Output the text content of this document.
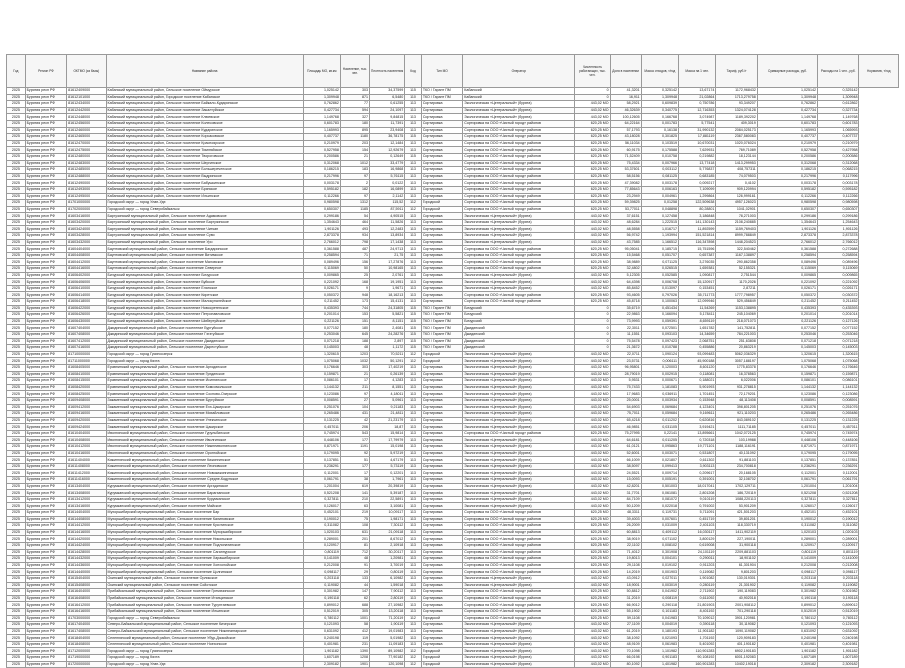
Год	Регион РФ	ОКТМО (из базы)	Название района	Площадь МО, кв.км	Население, тыс. чел.	Плотность населения	Код	Тип МО	Оператор	Численность работающих, тыс. чел.	Доля в населении	Масса отходов, т/год	Масса на 1 чел.	Тариф, руб./т	Суммарные расходы, руб.	Расходы на 1 чел., руб.	Норматив, т/год
2025	Бурятия респ РФ	81612409000	Кабанский муниципальный район, Сельское поселение Оймурское	1,025142	303	34,37599	115	ТКО / Гарант ПМ	Кабанский	0	41,3201	0,325142	13,67174	1172,968432	1,025142	0,325142	
2025	Бурятия респ РФ	81612101000	Кабанский муниципальный район, Городское поселение Кабанское	1,309948	871	6,5480	110	ТКО / Гарант ПМ	Кабанский	0	16,911	1,309948	21,02864	1713,279758	1,309948	1,309948	
2025	Бурятия респ РФ	81612434000	Кабанский муниципальный район, Сельское поселение Байкало-Кударинское	0,762862	77	0,61255	113	Сортировка	Экологическая «Центральный» (бурята)	443,02 МО	58,2921	0,609839	0,750786	93,349207	0,762862	0,612862	
2025	Бурятия респ РФ	81612442000	Кабанский муниципальный район, Сельское поселение Закалтуйское	0,427734	594	24,1097	113	Сортировка	Экологическая «Центральный» (бурята)	443,02 МО	46,32639	0,340775	12,716353	1324,074128	0,427734	0,327734	
2025	Бурятия респ РФ	81612448000	Кабанский муниципальный район, Сельское поселение Клюевское	1,149768	327	9,84815	113	Сортировка	Экологическая «Центральный» (бурята)	443,02 МО	100,12605	0,166768	3,074987	1189,392202	1,149768	1,149768	
2025	Бурятия респ РФ	81612456000	Кабанский муниципальный район, Сельское поселение Колесовское	0,601783	180	11,7391	113	Сортировка	Сортировка на ООО «Чистый город» районов	620,25 МО	64,22164	0,001783	5,77541	409,3019	0,601783	0,601783	
2025	Бурятия респ РФ	81612460000	Кабанский муниципальный район, Сельское поселение Кударинское	1,165993	895	23,9408	113	Сортировка	Сортировка на ООО «Чистый город» районов	620,25 МО	57,1793	0,16138	31,990132	2084,025173	1,165993	1,065993	
2025	Бурятия респ РФ	81612465000	Кабанский муниципальный район, Сельское поселение Корсаковское	0,407737	1180	36,78175	115	Сортировка	Сортировка на ООО «Чистый город» районов	620,25 МО	43,18028	0,301825	17,881119	2367,580083	0,407737	0,407737	
2025	Бурятия респ РФ	81612470000	Кабанский муниципальный район, Сельское поселение Красноярское	0,210979	203	12,1484	113	Сортировка	Сортировка на ООО «Чистый город» районов	620,25 МО	56,11034	0,103519	10,670031	1020,076024	0,210979	0,210979	
2025	Бурятия респ РФ	81612475000	Кабанский муниципальный район, Сельское поселение Тимлюйское	0,527958	154	12,92679	113	Сортировка	Сортировка на ООО «Чистый город» районов	620,25 МО	60,9175	0,175588	7,629931	769,71089	0,527958	0,427958	
2025	Бурятия респ РФ	81612480000	Кабанский муниципальный район, Сельское поселение Твороговское	0,200586	21	0,12649	115	Сортировка	Сортировка на ООО «Чистый город» районов	620,25 МО	71,52409	0,010758	0,219882	18,123144	0,200586	0,200586	
2025	Бурятия респ РФ	81612483000	Кабанский муниципальный район, Сельское поселение Шергинское	0,312068	1012	33,4779	113	Сортировка	Сортировка на ООО «Чистый город» районов	620,25 МО	75,4334	0,007966	13,77418	1413,299953	0,312068	0,312068	
2025	Бурятия респ РФ	81612485000	Кабанский муниципальный район, Сельское поселение Большереченское	0,186215	183	16,9868	113	Сортировка	Сортировка на ООО «Чистый город» районов	620,25 МО	53,37601	0,003112	5,776837	408,757311	0,186215	0,068215	
2025	Бурятия респ РФ	81612488000	Кабанский муниципальный район, Сельское поселение Выдринское	0,217996	97	5,76115	113	Сортировка	Сортировка на ООО «Чистый город» районов	620,25 МО	58,5156	0,081125	0,683185	74,079503	0,217996	0,117996	
2025	Бурятия респ РФ	81612490000	Кабанский муниципальный район, Сельское поселение Бабушкинское	0,003178	2	0,0122	113	Сортировка	Сортировка на ООО «Чистый город» районов	620,25 МО	47,39082	0,003178	0,009217	0,4102	0,003178	0,003178	
2025	Бурятия респ РФ	81612493000	Кабанский муниципальный район, Сельское поселение Брянское	0,595182	182	16,0899	113	Сортировка	Сортировка на ООО «Чистый город» районов	620,25 МО	77,85643	0,006163	7,109099	909,120994	0,595182	0,595182	
2025	Бурятия респ РФ	81612495000	Кабанский муниципальный район, Сельское поселение Ильинское	0,112266	97	2,1142	113	Сортировка	Сортировка на ООО «Чистый город» районов	620,25 МО	23,2949	0,004961	1,299864	126,999161	0,112266	0,112266	
2025	Бурятия респ РФ	81701000000	Городской округ — город Улан-Удэ	0,980598	1312	115,52	112	Городской	Сортировка на ООО «Чистый город» районов	620,25 МО	59,39825	0,01258	122,509638	4957,126023	0,980598	0,980598	
2025	Бурятия респ РФ	81702000000	Городской округ — город Северобайкальск	0,650307	1185	87,5911	112	Городской	Сортировка на ООО «Чистый город» районов	620,25 МО	53,77011	0,048898	80,28801	1041,02901	0,650307	0,650307	
2025	Бурятия респ РФ	81603416000	Баргузинский муниципальный район, Сельское поселение Адамовское	0,299186	54	4,90515	113	Сортировка	Экологическая «Центральный» (бурята)	443,02 МО	37,6151	0,127458	3,186848	78,271003	0,299186	0,299186	
2025	Бурятия респ РФ	81603420000	Баргузинский муниципальный район, Сельское поселение Баргузинское	1,354643	464	11,5826	113	Сортировка	Экологическая «Центральный» (бурята)	443,02 МО	48,6284	1,222515	141,130143	2108,240885	1,354643	1,254643	
2025	Бурятия респ РФ	81603424000	Баргузинский муниципальный район, Сельское поселение Читкан	1,901126	493	12,2483	113	Сортировка	Экологическая «Центральный» (бурята)	443,02 МО	48,5558	1,016717	11,892599	1159,769403	1,901126	1,901126	
2025	Бурятия респ РФ	81603428000	Баргузинский муниципальный район, Сельское поселение Суво	2,873378	934	13,8934	113	Сортировка	Экологическая «Центральный» (бурята)	443,02 МО	56,9742	1,193994	151,521814	8999,788849	2,873378	2,873378	
2025	Бурятия респ РФ	81603432000	Баргузинский муниципальный район, Сельское поселение Уро	2,766012	798	17,1438	113	Сортировка	Экологическая «Центральный» (бурята)	443,02 МО	43,7585	1,166512	116,347898	1448,204523	2,766012	2,766012	
2025	Бурятия респ РФ	81604404000	Баунтовский муниципальный район, Сельское поселение Багдаринское	0,361588	487	24,9713	113	Сортировка	Сортировка на ООО «Чистый город» районов	620,25 МО	95,05041	0,185715	15,751596	322,540462	0,361588	0,272688	
2025	Бурятия респ РФ	81604408000	Баунтовский муниципальный район, Сельское поселение Витимское	0,258594	71	21,75	113	Сортировка	Сортировка на ООО «Чистый город» районов	620,25 МО	15,5468	0,051707	0,657387	1167,138897	0,258594	0,258594	
2025	Бурятия респ РФ	81604412000	Баунтовский муниципальный район, Сельское поселение Маловское	0,089496	156	17,27876	113	Сортировка	Сортировка на ООО «Чистый город» районов	620,25 МО	38,9889	0,071125	3,276035	290,862358	0,089496	0,089496	
2025	Бурятия респ РФ	81604416000	Баунтовский муниципальный район, Сельское поселение Северное	0,115069	50	10,98165	113	Сортировка	Сортировка на ООО «Чистый город» районов	620,25 МО	32,4802	0,026515	1,659381	52,155321	0,115069	0,115069	
2025	Бурятия респ РФ	81606402000	Бичурский муниципальный район, Сельское поселение Бичурское	0,009865	25	2,0761	113	Сортировка	Экологическая «Центральный» (бурята)	443,02 МО	5,12305	0,052585	1,090817	2,751544	0,009865	0,009865	
2025	Бурятия респ РФ	81606406000	Бичурский муниципальный район, Сельское поселение Буйское	0,221092	168	19,1951	113	Сортировка	Экологическая «Центральный» (бурята)	443,02 МО	64,4398	0,006708	15,120917	1170,2026	0,221092	0,221092	
2025	Бурятия респ РФ	81606410000	Бичурский муниципальный район, Сельское поселение Еланское	0,026171	9	1,9671	113	Сортировка	Экологическая «Центральный» (бурята)	443,02 МО	85,8452	0,013097	0,153451	2,87211	0,026171	0,026171	
2025	Бурятия респ РФ	81606414000	Бичурский муниципальный район, Сельское поселение Киретское	0,050372	948	18,16213	113	Сортировка	Сортировка на ООО «Чистый город» районов	620,25 МО	93,4605	0,797026	35,711773	1777,798957	0,050372	0,030372	
2025	Бурятия респ РФ	81606418000	Бичурский муниципальный район, Сельское поселение Малокуналейское	0,211452	173	15,4131	113	Сортировка	Сортировка на ООО «Чистый город» районов	620,25 МО	45,8718	0,100063	12,099946	529,456849	0,211452	0,211452	
2025	Бурятия респ РФ	81606422000	Бичурский муниципальный район, Сельское поселение Новосретенское	0,435393	744	24,31805	115	ТКО / Гарант ПМ	Бичурский	0	35,6719	0,451434	11,54269	1153,138895	0,435393	0,435393	
2025	Бурятия респ РФ	81606426000	Бичурский муниципальный район, Сельское поселение Петропавловское	0,201014	153	5,5821	115	ТКО / Гарант ПМ	Бичурский	0	22,9863	0,166094	5,178411	245,104069	0,201014	0,201014	
2025	Бурятия респ РФ	81606430000	Бичурский муниципальный район, Сельское поселение Шибертуйское	0,221126	151	8,1151	115	ТКО / Гарант ПМ	Бичурский	0	73,9993	0,059391	8,659119	218,071073	0,221126	0,127126	
2025	Бурятия респ РФ	81607404000	Джидинский муниципальный район, Сельское поселение Бургуйское	0,077152	180	2,4081	115	ТКО / Гарант ПМ	Джидинский	0	22,3011	0,072501	1,651782	141,752811	0,077152	0,077152	
2025	Бурятия респ РФ	81607408000	Джидинский муниципальный район, Сельское поселение Гэгэтуйское	0,253046	645	24,28276	115	ТКО / Гарант ПМ	Джидинский	0	11,1551	0,093103	14,34659	784,221003	0,253046	0,253046	
2025	Бурятия респ РФ	81607412000	Джидинский муниципальный район, Сельское поселение Джидинское	0,071218	188	2,897	115	ТКО / Гарант ПМ	Джидинский	0	75,5478	0,097423	2,068751	251,63808	0,071218	0,071218	
2025	Бурятия респ РФ	81607416000	Джидинский муниципальный район, Сельское поселение Дырестуйское	0,145003	48	1,1172	115	ТКО / Гарант ПМ	Джидинский	0	21,3672	0,010788	0,455886	20,863219	0,145003	0,145003	
2025	Бурятия респ РФ	81710000000	Городской округ — город Гусиноозерск	1,320615	1203	70,5211	112	Городской	Экологическая «Центральный» (бурята)	443,02 МО	22,0711	1,090124	93,099483	5062,036329	1,320615	1,320615	
2025	Бурятия респ РФ	81711000000	Городской округ — город Кяхта	1,075068	1032	50,1291	112	Городской	Экологическая «Центральный» (бурята)	443,02 МО	23,5731	0,006111	45,900188	3057,188197	1,075068	1,075068	
2025	Бурятия респ РФ	81608405000	Еравнинский муниципальный район, Сельское поселение Аргодинское	0,176646	303	17,40219	113	Сортировка	Экологическая «Центральный» (бурята)	443,02 МО	96,95801	0,120003	8,601120	1775,83378	0,176646	0,176646	
2025	Бурятия респ РФ	81608410000	Еравнинский муниципальный район, Сельское поселение Гундинское	0,159871	21	0,26139	113	Сортировка	Экологическая «Центральный» (бурята)	443,02 МО	28,79019	0,002915	0,118081	16,378563	0,159871	0,159871	
2025	Бурятия респ РФ	81608415000	Еравнинский муниципальный район, Сельское поселение Исингинское	0,086101	17	4,1283	113	Сортировка	Экологическая «Центральный» (бурята)	443,02 МО	5,9531	0,000671	0,188021	6,022006	0,086101	0,086101	
2025	Бурятия респ РФ	81608420000	Еравнинский муниципальный район, Сельское поселение Комсомольское	1,144132	211	8,1551	113	Сортировка	Экологическая «Центральный» (бурята)	443,02 МО	75,7433	1,181083	5,901993	931,278815	1,144132	1,144132	
2025	Бурятия респ РФ	81608425000	Еравнинский муниципальный район, Сельское поселение Сосново-Озерское	0,123086	97	4,18011	113	Сортировка	Экологическая «Центральный» (бурята)	443,02 МО	17,9683	0,036911	1,701451	72,179201	0,123086	0,123086	
2025	Бурятия респ РФ	81609408000	Закаменский муниципальный район, Сельское поселение Бургуйское	0,008591	27	5,0961	113	Сортировка	Экологическая «Центральный» (бурята)	443,02 МО	25,0001	0,003934	0,153948	48,113408	0,008591	0,008591	
2025	Бурятия респ РФ	81609412000	Закаменский муниципальный район, Сельское поселение Ехэ-Цакирское	0,251076	104	9,21183	113	Сортировка	Экологическая «Центральный» (бурята)	443,02 МО	54,6903	0,069684	4,123401	398,801205	0,251076	0,251076	
2025	Бурятия респ РФ	81609416000	Закаменский муниципальный район, Сельское поселение Михайловское	0,265486	431	21,4811	113	Сортировка	Экологическая «Центральный» (бурята)	443,02 МО	75,7011	0,059684	9,169611	921,110203	0,265486	0,265486	
2025	Бурятия респ РФ	81609420000	Закаменский муниципальный район, Сельское поселение Улекчинское	0,131225	42	21,23179	113	Сортировка	Экологическая «Центральный» (бурята)	443,02 МО	65,4218	0,011202	0,620816	843,089102	0,131225	0,131225	
2025	Бурятия респ РФ	81609424000	Закаменский муниципальный район, Сельское поселение Цакирское	0,457011	206	18,87	113	Сортировка	Экологическая «Центральный» (бурята)	443,02 МО	46,9851	0,031105	3,919421	1111,71185	0,457011	0,457011	
2025	Бурятия респ РФ	81610404000	Иволгинский муниципальный район, Сельское поселение Гурульбинское	0,745974	543	15,9814	113	Сортировка	Сортировка на ООО «Чистый город» районов	620,25 МО	75,27995	0,22141	13,895661	1042,072125	0,745974	0,745974	
2025	Бурятия респ РФ	81610408000	Иволгинский муниципальный район, Сельское поселение Иволгинское	0,448106	177	17,79979	113	Сортировка	Экологическая «Центральный» (бурята)	443,02 МО	64,6181	0,011205	0,720318	103,19988	0,448106	0,448106	
2025	Бурятия респ РФ	81610412000	Иволгинский муниципальный район, Сельское поселение Нижнеиволгинское	0,871971	1191	15,0198	113	Сортировка	Экологическая «Центральный» (бурята)	443,02 МО	61,0121	0,095863	19,771101	1188,116191	0,871971	0,871971	
2025	Бурятия респ РФ	81610416000	Иволгинский муниципальный район, Сельское поселение Оронгойское	0,179095	92	5,97219	113	Сортировка	Экологическая «Центральный» (бурята)	443,02 МО	52,6001	0,003071	0,531807	40,131092	0,179095	0,179095	
2025	Бурятия респ РФ	81611404000	Кижингинский муниципальный район, Сельское поселение Кижингинское	0,137851	51	4,67179	113	Сортировка	Экологическая «Центральный» (бурята)	443,02 МО	66,1009	0,021807	0,611302	91,881103	0,137851	0,137851	
2025	Бурятия респ РФ	81611408000	Кижингинский муниципальный район, Сельское поселение Леоновское	0,236291	177	5,73119	113	Сортировка	Экологическая «Центральный» (бурята)	443,02 МО	38,5097	0,099413	3,903113	234,700818	0,236291	0,236291	
2025	Бурятия респ РФ	81611412000	Кижингинский муниципальный район, Сельское поселение Новокижингинское	0,112001	17	0,12201	113	Сортировка	Экологическая «Центральный» (бурята)	443,02 МО	24,5521	0,009714	0,209617	20,168105	0,112001	0,112001	
2025	Бурятия респ РФ	81611416000	Кижингинский муниципальный район, Сельское поселение Средне-Кодунское	0,061791	38	1,7961	113	Сортировка	Экологическая «Центральный» (бурята)	443,02 МО	15,0093	0,005191	0,391001	32,108702	0,061791	0,061791	
2025	Бурятия респ РФ	81613404000	Курумканский муниципальный район, Сельское поселение Аргадинское	1,201004	619	20,39819	113	Сортировка	Экологическая «Центральный» (бурята)	443,02 МО	42,8201	0,501003	18,017041	1702,129711	1,201004	1,201004	
2025	Бурятия респ РФ	81613408000	Курумканский муниципальный район, Сельское поселение Барагханское	0,521208	141	5,39187	113	Сортировka	Экологическая «Центральный» (бурята)	443,02 МО	31,7701	0,061081	2,801208	186,720119	0,521208	0,521208	
2025	Бурятия респ РФ	81613412000	Курумканский муниципальный район, Сельское поселение Курумканское	0,327811	210	22,5891	113	Сортировка	Экологическая «Центральный» (бурята)	443,02 МО	84,7109	0,081072	9,010119	1088,220113	0,327811	0,327811	
2025	Бурятия респ РФ	81613416000	Курумканский муниципальный район, Сельское поселение Майское	0,126017	63	3,10081	113	Сортировка	Экологическая «Центральный» (бурята)	443,02 МО	50,1209	0,022018	0,791002	53,901209	0,126017	0,126017	
2025	Бурятия респ РФ	81614404000	Мухоршибирский муниципальный район, Сельское поселение Бар	0,452101	219	10,09117	113	Сортировка	Сортировка на ООО «Чистый город» районов	620,25 МО	48,3311	0,119731	5,711091	421,501203	0,452101	0,452101	
2025	Бурятия респ РФ	81614408000	Мухоршибирский муниципальный район, Сельское поселение Калиновское	0,190012	75	1,98171	113	Сортировка	Сортировка на ООО «Чистый город» районов	620,25 МО	39,4003	0,007601	0,451719	39,801201	0,190012	0,190012	
2025	Бурятия респ РФ	81614412000	Мухоршибирский муниципальный район, Сельское поселение Кусотинское	0,311082	108	7,30112	113	Сортировка	Сортировка на ООО «Чистый город» районов	620,25 МО	26,2009	0,031009	2,401103	118,330719	0,311082	0,311082	
2025	Бурятия респ РФ	81614416000	Мухоршибирский муниципальный район, Сельское поселение Мухоршибирское	1,020103	631	21,09118	113	Сортировка	Сортировка на ООО «Чистый город» районов	620,25 МО	60,8813	0,409112	16,030117	1411,902119	1,020103	1,020103	
2025	Бурятия респ РФ	81614420000	Мухоршибирский муниципальный район, Сельское поселение Никольское	0,289001	201	8,67012	113	Сортировка	Сортировка на ООО «Чистый город» районов	620,25 МО	38,9019	0,071102	3,800129	227,190011	0,289001	0,289001	
2025	Бурятия респ РФ	81614424000	Мухоршибирский муниципальный район, Сельское поселение Подлопатинское	0,120917	81	2,10918	113	Сортировка	Сортировка на ООО «Чистый город» районов	620,25 МО	22,1102	0,008102	0,619008	31,900118	0,120917	0,120917	
2025	Бурятия респ РФ	81614428000	Мухоршибирский муниципальный район, Сельское поселение Саганнурское	0,801119	712	30,20117	113	Сортировка	Сортировка на ООО «Чистый город» районов	620,25 МО	71,4012	0,301908	24,101119	2209,881103	0,801119	0,801119	
2025	Бурятия респ РФ	81614432000	Мухоршибирский муниципальный район, Сельское поселение Харашибирское	0,141009	48	1,20981	113	Сортировка	Сортировка на ООО «Чистый город» районов	620,25 МО	19,8013	0,004101	0,290011	18,901102	0,141009	0,141009	
2025	Бурятия респ РФ	81614436000	Мухоршибирский муниципальный район, Сельское поселение Хонхолойское	0,212008	91	3,70019	113	Сортировка	Сортировка на ООО «Чистый город» районов	620,25 МО	29,1108	0,019102	0,911203	61,301904	0,212008	0,212008	
2025	Бурятия респ РФ	81614440000	Мухоршибирский муниципальный район, Сельское поселение Цолгинское	0,098117	29	0,80119	113	Сортировка	Сортировка на ООО «Чистый город» районов	620,25 МО	14,2019	0,001903	0,119082	9,801203	0,098117	0,098117	
2025	Бурятия респ РФ	81615404000	Окинский муниципальный район, Сельское поселение Орликское	0,203118	133	6,10982	113	Сортировка	Экологическая «Центральный» (бурята)	443,02 МО	43,0912	0,027011	1,901082	130,019301	0,203118	0,203118	
2025	Бурятия респ РФ	81615408000	Окинский муниципальный район, Сельское поселение Сойотское	0,119082	44	1,59018	113	Сортировка	Экологическая «Центральный» (бурята)	443,02 МО	18,9001	0,003019	0,280119	21,301902	0,119082	0,119082	
2025	Бурятия респ РФ	81616404000	Прибайкальский муниципальный район, Сельское поселение Гремячинское	0,301982	147	7,90112	113	Сортировка	Сортировка на ООО «Чистый город» районов	620,25 МО	50,8812	0,041902	2,711902	190,119083	0,301982	0,301982	
2025	Бурятия респ РФ	81616408000	Прибайкальский муниципальный район, Сельское поселение Итанцинское	0,190118	62	2,80119	113	Сортировка	Сортировка на ООО «Чистый город» районов	620,25 МО	31,2019	0,008119	0,611092	40,902018	0,190118	0,190118	
2025	Бурятия респ РФ	81616412000	Прибайкальский муниципальный район, Сельское поселение Турунтаевское	0,899012	688	27,10982	113	Сортировка	Сортировка на ООО «Чистый город» районов	620,25 МО	66,9012	0,290118	21,801903	2001,908112	0,899012	0,899012	
2025	Бурятия респ РФ	81616416000	Прибайкальский муниципальный район, Сельское поселение Ильинское	0,512019	305	13,20118	113	Сортировка	Сортировка на ООО «Чистый город» районов	620,25 МО	55,1902	0,101183	8,401192	701,290118	0,512019	0,512019	
2025	Бурятия респ РФ	81703000000	Городской округ — город Северобайкальск	0,780112	1001	71,20119	112	Городской	Сортировка на ООО «Чистый город» районов	620,25 МО	59,1108	0,041983	70,109012	3901,120981	0,780112	0,780112	
2025	Бурятия респ РФ	81617404000	Северо-Байкальский муниципальный район, Сельское поселение Кичерское	0,121093	58	1,90119	113	Сортировка	Экологическая «Центральный» (бурята)	443,02 МО	27,1109	0,004019	0,390118	30,119082	0,121093	0,121093	
2025	Бурятия респ РФ	81617408000	Северо-Байкальский муниципальный район, Сельское поселение Нижнеангарское	0,631092	412	19,01983	113	Сортировка	Экологическая «Центральный» (бурята)	443,02 МО	61,2019	0,180193	11,901182	1090,119082	0,631092	0,631092	
2025	Бурятия респ РФ	81618404000	Селенгинский муниципальный район, Сельское поселение Убур-Дзокойское	0,240198	119	5,01982	113	Сортировка	Экологическая «Центральный» (бурята)	443,02 МО	38,1092	0,021093	1,701192	120,909183	0,240198	0,240198	
2025	Бурятия респ РФ	81618408000	Селенгинский муниципальный район, Сельское поселение Ноехонское	0,401981	231	11,09183	113	Сортировка	Экологическая «Центральный» (бурята)	443,02 МО	48,9109	0,061983	5,401092	401,190182	0,401981	0,401981	
2025	Бурятия респ РФ	81712000000	Городской округ — город Гусиноозерск	1,901182	1390	89,10982	112	Городской	Экологическая «Центральный» (бурята)	443,02 МО	70,1098	1,101982	110,901283	6902,190183	1,901182	1,901182	
2025	Бурятия респ РФ	81719000000	Городской округ — город Кяхта	1,607189	1208	77,90182	112	Городской	Экологическая «Центральный» (бурята)	443,02 МО	66,0198	0,901183	90,108192	6001,192083	1,607189	1,607189	
2025	Бурятия респ РФ	81720000000	Городской округ — город Улан-Удэ	2,309182	1901	120,1098	112	Городской	Экологическая «Центральный» (бурята)	443,02 МО	80,1092	1,401982	160,901283	10402,19018	2,309182	2,309182	
